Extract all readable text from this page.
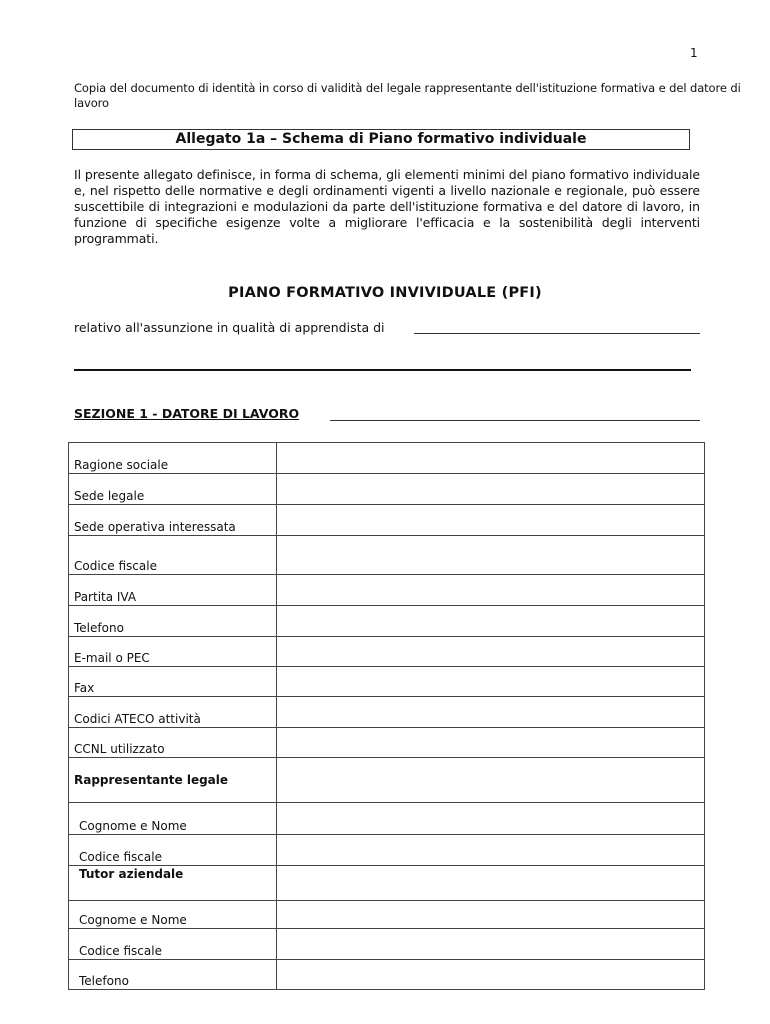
1
Copia del documento di identità in corso di validità del legale rappresentante dell'istituzione formativa e del datore di lavoro
Allegato 1a – Schema di Piano formativo individuale
Il presente allegato definisce, in forma di schema, gli elementi minimi del piano formativo individuale e, nel rispetto delle normative e degli ordinamenti vigenti a livello nazionale e regionale, può essere suscettibile di integrazioni e modulazioni da parte dell'istituzione formativa e del datore di lavoro, in funzione di specifiche esigenze volte a migliorare l'efficacia e la sostenibilità degli interventi programmati.
PIANO FORMATIVO INVIVIDUALE (PFI)
relativo all'assunzione in qualità di apprendista di
SEZIONE 1 - DATORE DI LAVORO
Ragione sociale	
Sede legale	
Sede operativa interessata	
Codice fiscale	
Partita IVA	
Telefono	
E-mail o PEC	
Fax	
Codici ATECO attività	
CCNL utilizzato	
Rappresentante legale	
Cognome e Nome	
Codice fiscale	
Tutor aziendale	
Cognome e Nome	
Codice fiscale	
Telefono	
